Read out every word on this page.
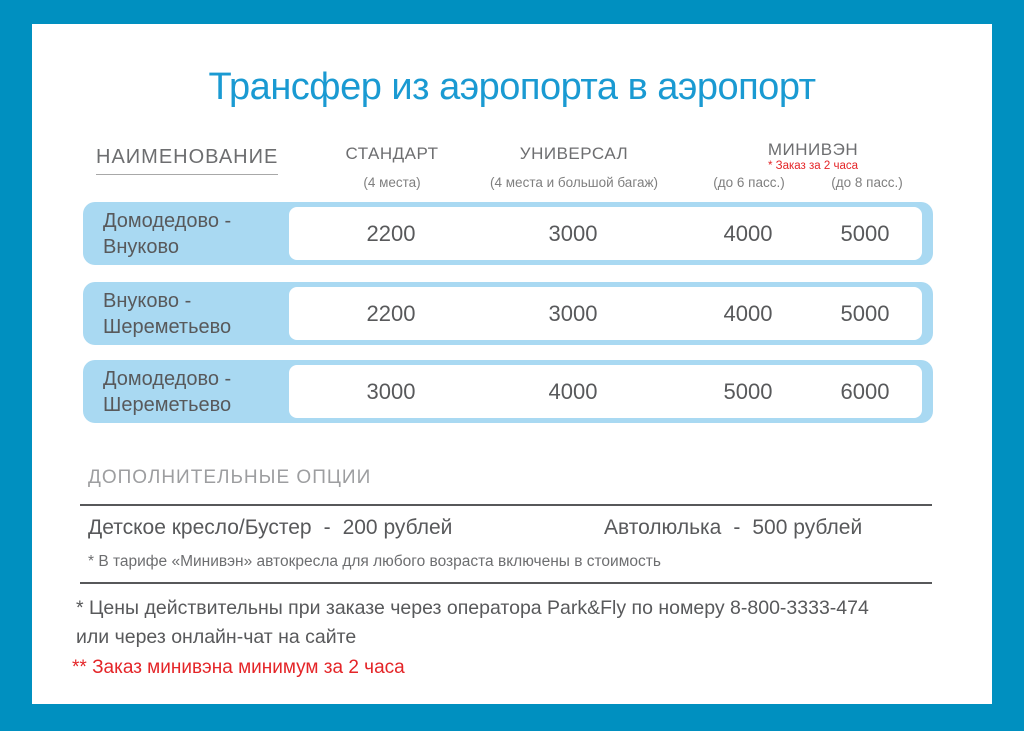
Трансфер из аэропорта в аэропорт
НАИМЕНОВАНИЕ	СТАНДАРТ	УНИВЕРСАЛ	МИНИВЭН
* Заказ за 2 часа
(4 места)	(4 места и большой багаж)	(до 6 пасс.)	(до 8 пасс.)
Домодедово -
Внуково
2200	3000	4000	5000
Внуково -
Шереметьево
2200	3000	4000	5000
Домодедово -
Шереметьево
3000	4000	5000	6000
ДОПОЛНИТЕЛЬНЫЕ ОПЦИИ
Детское кресло/Бустер - 200 рублей	Автолюлька - 500 рублей
* В тарифе «Минивэн» автокресла для любого возраста включены в стоимость
* Цены действительны при заказе через оператора Park&Fly по номеру 8-800-3333-474
или через онлайн-чат на сайте
** Заказ минивэна минимум за 2 часа
